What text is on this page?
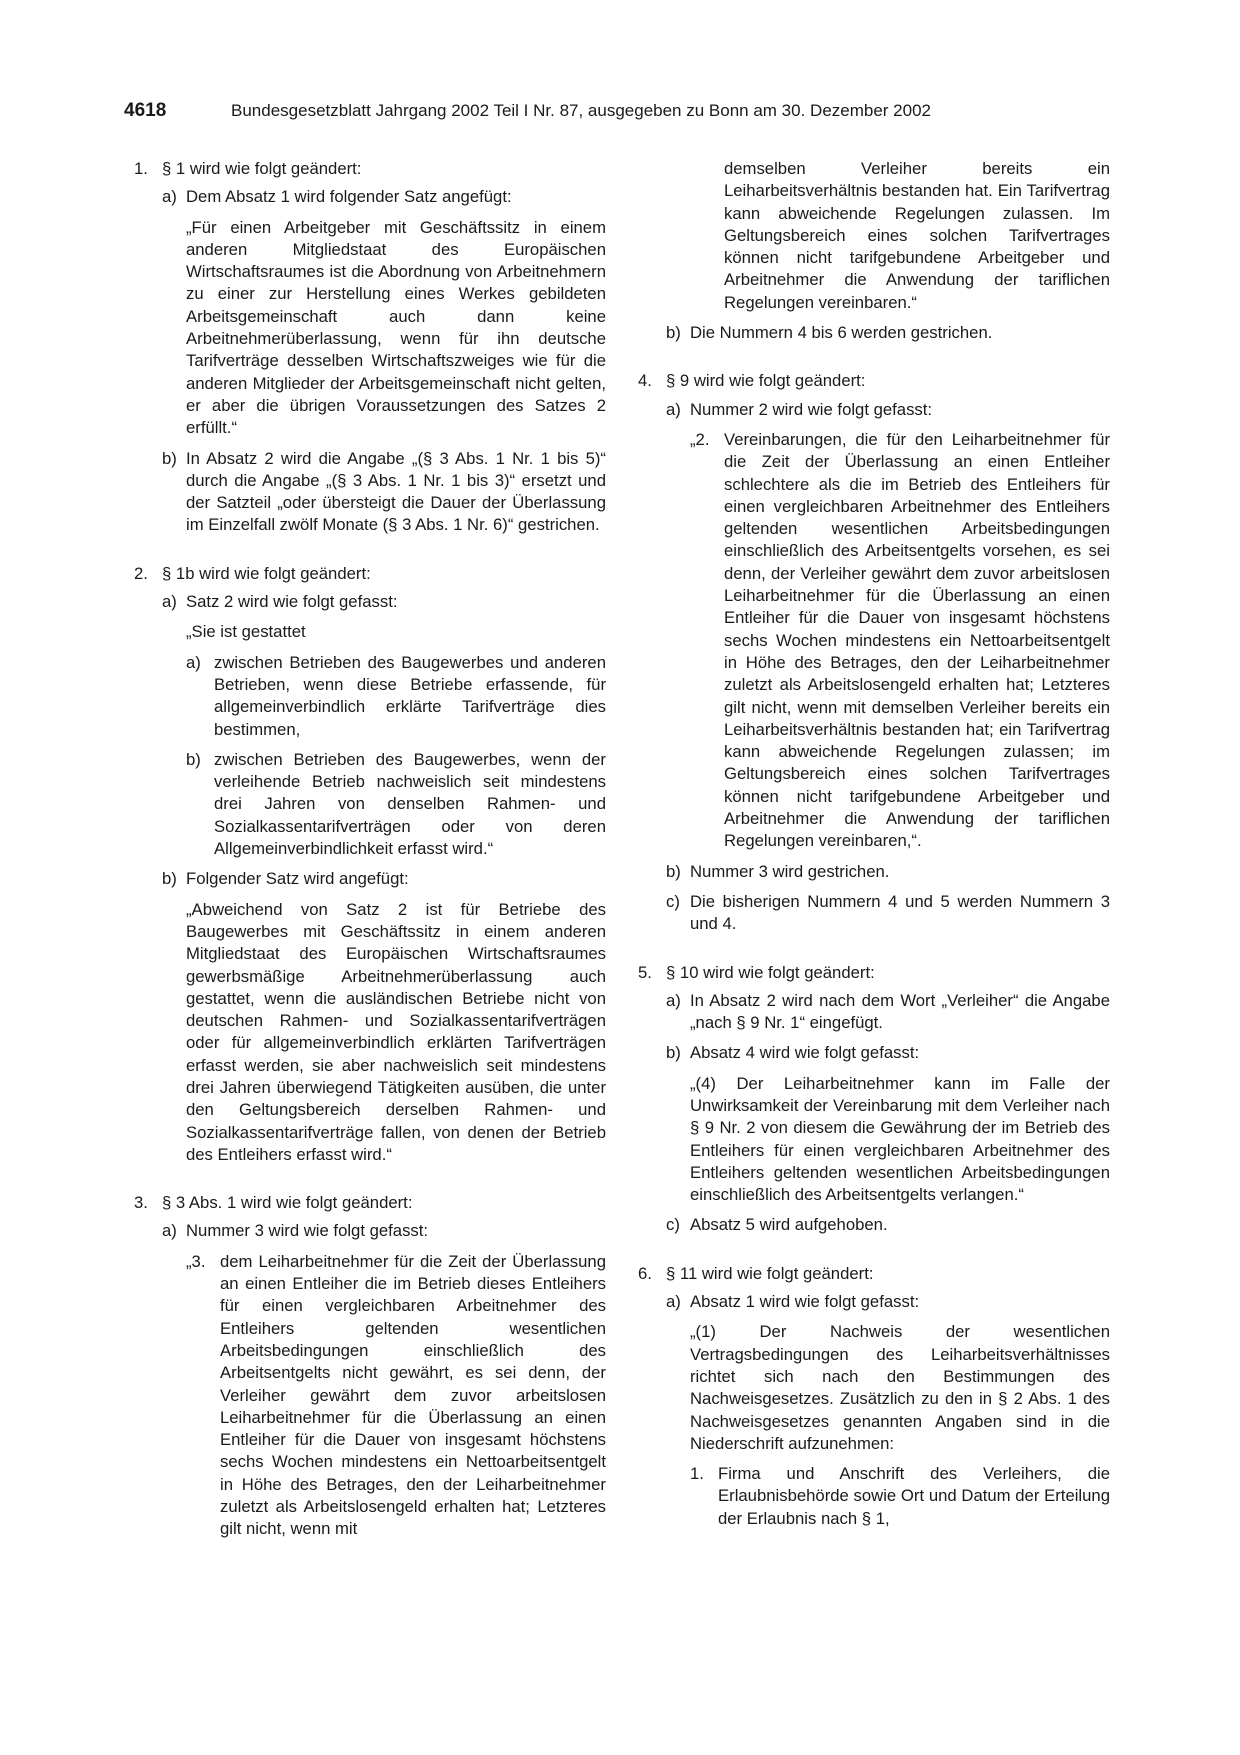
4618	Bundesgesetzblatt Jahrgang 2002 Teil I Nr. 87, ausgegeben zu Bonn am 30. Dezember 2002
1. § 1 wird wie folgt geändert:
a) Dem Absatz 1 wird folgender Satz angefügt:
„Für einen Arbeitgeber mit Geschäftssitz in einem anderen Mitgliedstaat des Europäischen Wirtschaftsraumes ist die Abordnung von Arbeitnehmern zu einer zur Herstellung eines Werkes gebildeten Arbeitsgemeinschaft auch dann keine Arbeitnehmerüberlassung, wenn für ihn deutsche Tarifverträge desselben Wirtschaftszweiges wie für die anderen Mitglieder der Arbeitsgemeinschaft nicht gelten, er aber die übrigen Voraussetzungen des Satzes 2 erfüllt.“
b) In Absatz 2 wird die Angabe „(§ 3 Abs. 1 Nr. 1 bis 5)“ durch die Angabe „(§ 3 Abs. 1 Nr. 1 bis 3)“ ersetzt und der Satzteil „oder übersteigt die Dauer der Überlassung im Einzelfall zwölf Monate (§ 3 Abs. 1 Nr. 6)“ gestrichen.
2. § 1b wird wie folgt geändert:
a) Satz 2 wird wie folgt gefasst:
„Sie ist gestattet
a) zwischen Betrieben des Baugewerbes und anderen Betrieben, wenn diese Betriebe erfassende, für allgemeinverbindlich erklärte Tarifverträge dies bestimmen,
b) zwischen Betrieben des Baugewerbes, wenn der verleihende Betrieb nachweislich seit mindestens drei Jahren von denselben Rahmen- und Sozialkassentarifverträgen oder von deren Allgemeinverbindlichkeit erfasst wird.“
b) Folgender Satz wird angefügt:
„Abweichend von Satz 2 ist für Betriebe des Baugewerbes mit Geschäftssitz in einem anderen Mitgliedstaat des Europäischen Wirtschaftsraumes gewerbsmäßige Arbeitnehmerüberlassung auch gestattet, wenn die ausländischen Betriebe nicht von deutschen Rahmen- und Sozialkassentarifverträgen oder für allgemeinverbindlich erklärten Tarifverträgen erfasst werden, sie aber nachweislich seit mindestens drei Jahren überwiegend Tätigkeiten ausüben, die unter den Geltungsbereich derselben Rahmen- und Sozialkassentarifverträge fallen, von denen der Betrieb des Entleihers erfasst wird.“
3. § 3 Abs. 1 wird wie folgt geändert:
a) Nummer 3 wird wie folgt gefasst:
„3. dem Leiharbeitnehmer für die Zeit der Überlassung an einen Entleiher die im Betrieb dieses Entleihers für einen vergleichbaren Arbeitnehmer des Entleihers geltenden wesentlichen Arbeitsbedingungen einschließlich des Arbeitsentgelts nicht gewährt, es sei denn, der Verleiher gewährt dem zuvor arbeitslosen Leiharbeitnehmer für die Überlassung an einen Entleiher für die Dauer von insgesamt höchstens sechs Wochen mindestens ein Nettoarbeitsentgelt in Höhe des Betrages, den der Leiharbeitnehmer zuletzt als Arbeitslosengeld erhalten hat; Letzteres gilt nicht, wenn mit
demselben Verleiher bereits ein Leiharbeitsverhältnis bestanden hat. Ein Tarifvertrag kann abweichende Regelungen zulassen. Im Geltungsbereich eines solchen Tarifvertrages können nicht tarifgebundene Arbeitgeber und Arbeitnehmer die Anwendung der tariflichen Regelungen vereinbaren.“
b) Die Nummern 4 bis 6 werden gestrichen.
4. § 9 wird wie folgt geändert:
a) Nummer 2 wird wie folgt gefasst:
„2. Vereinbarungen, die für den Leiharbeitnehmer für die Zeit der Überlassung an einen Entleiher schlechtere als die im Betrieb des Entleihers für einen vergleichbaren Arbeitnehmer des Entleihers geltenden wesentlichen Arbeitsbedingungen einschließlich des Arbeitsentgelts vorsehen, es sei denn, der Verleiher gewährt dem zuvor arbeitslosen Leiharbeitnehmer für die Überlassung an einen Entleiher für die Dauer von insgesamt höchstens sechs Wochen mindestens ein Nettoarbeitsentgelt in Höhe des Betrages, den der Leiharbeitnehmer zuletzt als Arbeitslosengeld erhalten hat; Letzteres gilt nicht, wenn mit demselben Verleiher bereits ein Leiharbeitsverhältnis bestanden hat; ein Tarifvertrag kann abweichende Regelungen zulassen; im Geltungsbereich eines solchen Tarifvertrages können nicht tarifgebundene Arbeitgeber und Arbeitnehmer die Anwendung der tariflichen Regelungen vereinbaren,“.
b) Nummer 3 wird gestrichen.
c) Die bisherigen Nummern 4 und 5 werden Nummern 3 und 4.
5. § 10 wird wie folgt geändert:
a) In Absatz 2 wird nach dem Wort „Verleiher“ die Angabe „nach § 9 Nr. 1“ eingefügt.
b) Absatz 4 wird wie folgt gefasst:
„(4) Der Leiharbeitnehmer kann im Falle der Unwirksamkeit der Vereinbarung mit dem Verleiher nach § 9 Nr. 2 von diesem die Gewährung der im Betrieb des Entleihers für einen vergleichbaren Arbeitnehmer des Entleihers geltenden wesentlichen Arbeitsbedingungen einschließlich des Arbeitsentgelts verlangen.“
c) Absatz 5 wird aufgehoben.
6. § 11 wird wie folgt geändert:
a) Absatz 1 wird wie folgt gefasst:
„(1) Der Nachweis der wesentlichen Vertragsbedingungen des Leiharbeitsverhältnisses richtet sich nach den Bestimmungen des Nachweisgesetzes. Zusätzlich zu den in § 2 Abs. 1 des Nachweisgesetzes genannten Angaben sind in die Niederschrift aufzunehmen:
1. Firma und Anschrift des Verleihers, die Erlaubnisbehörde sowie Ort und Datum der Erteilung der Erlaubnis nach § 1,
